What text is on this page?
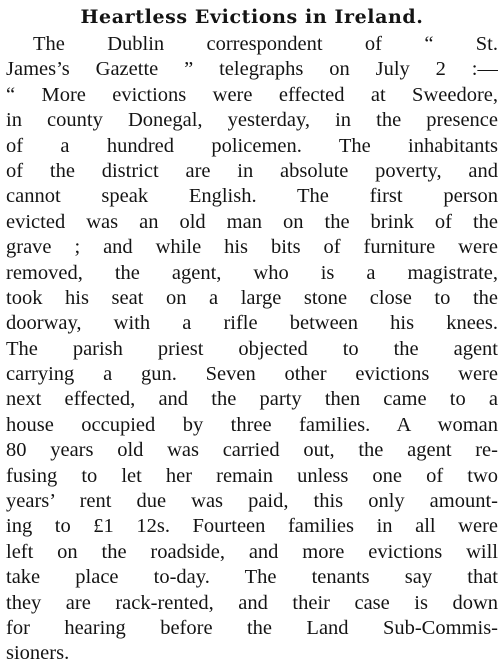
Heartless Evictions in Ireland.
The Dublin correspondent of “ St.
James’s Gazette ” telegraphs on July 2 :—
“ More evictions were effected at Sweedore,
in county Donegal, yesterday, in the presence
of a hundred policemen. The inhabitants
of the district are in absolute poverty, and
cannot speak English. The first person
evicted was an old man on the brink of the
grave ; and while his bits of furniture were
removed, the agent, who is a magistrate,
took his seat on a large stone close to the
doorway, with a rifle between his knees.
The parish priest objected to the agent
carrying a gun. Seven other evictions were
next effected, and the party then came to a
house occupied by three families. A woman
80 years old was carried out, the agent re-
fusing to let her remain unless one of two
years’ rent due was paid, this only amount-
ing to £1 12s. Fourteen families in all were
left on the roadside, and more evictions will
take place to-day. The tenants say that
they are rack-rented, and their case is down
for hearing before the Land Sub-Commis-
sioners.
